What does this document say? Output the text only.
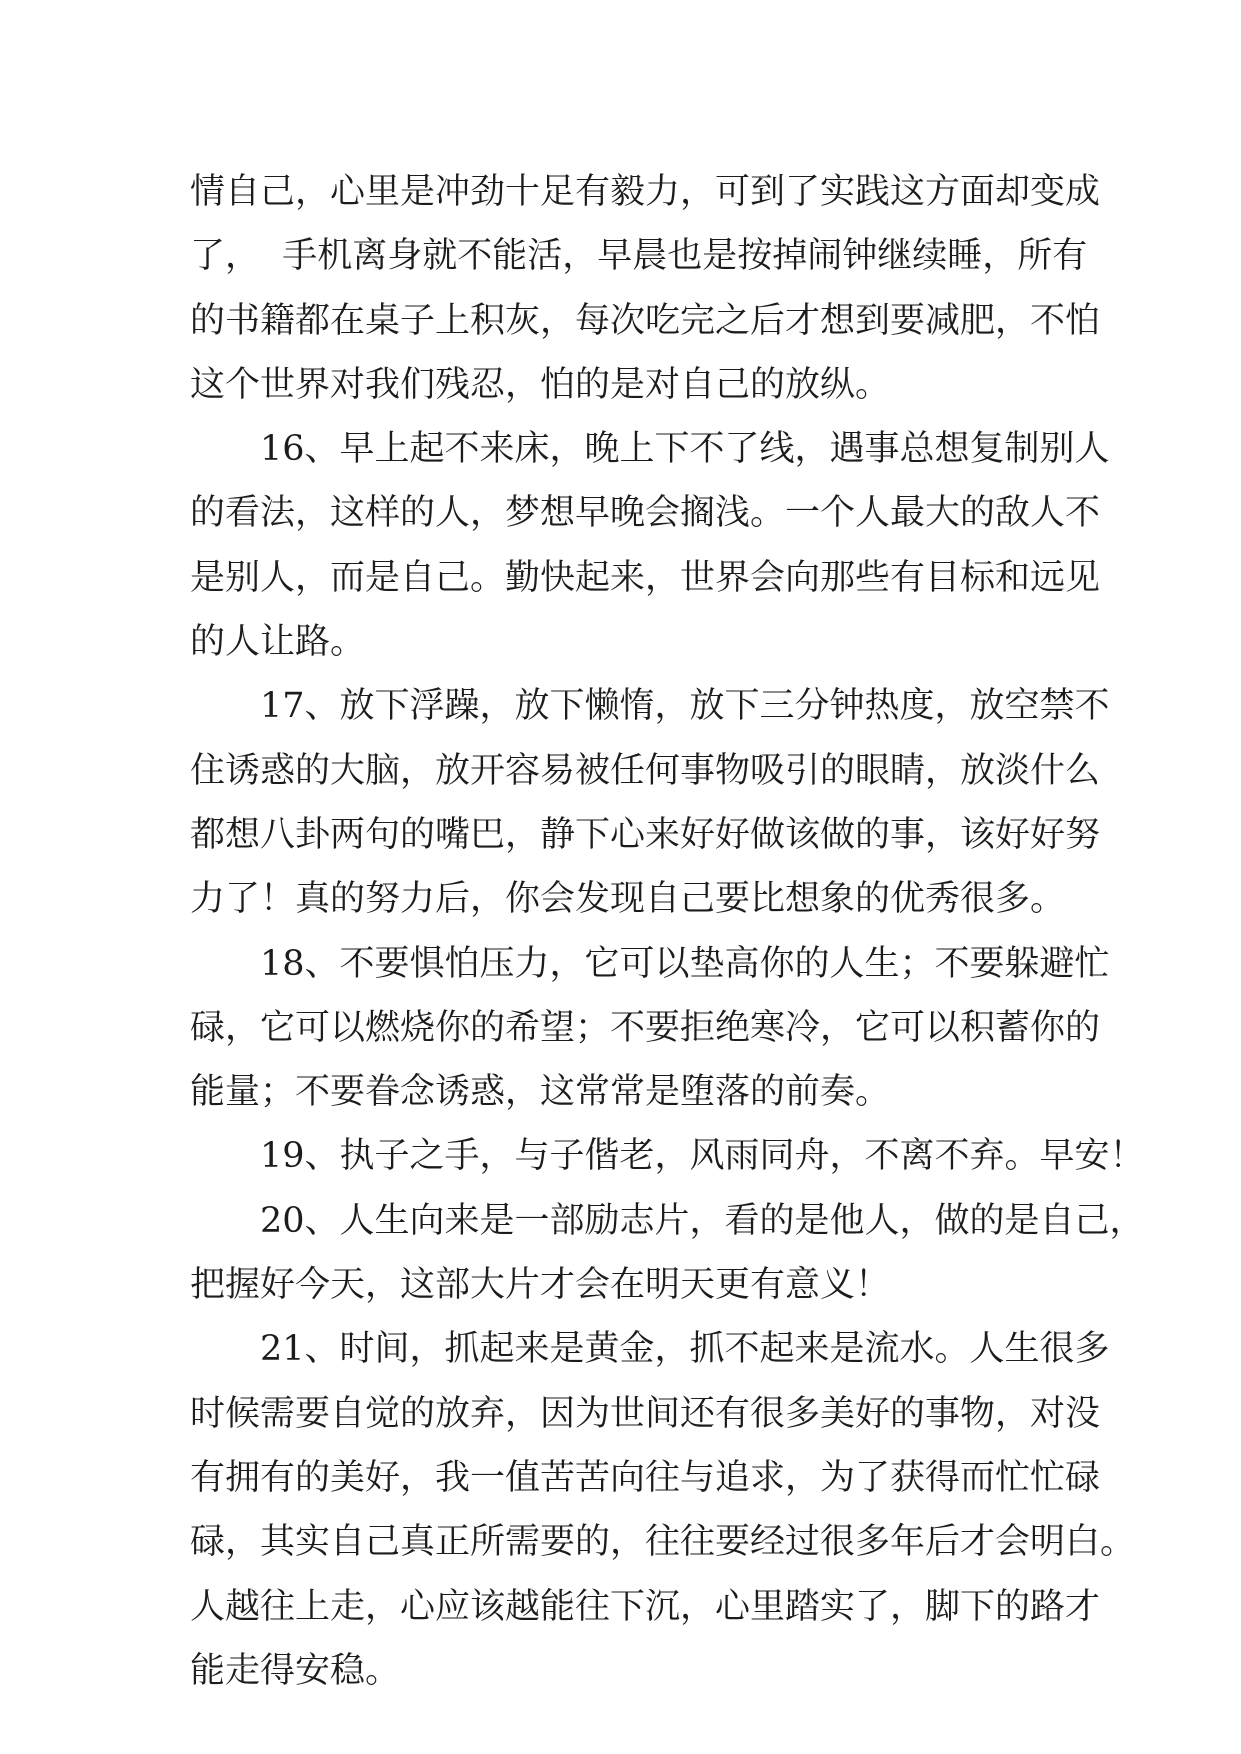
情自己，心里是冲劲十足有毅力，可到了实践这方面却变成
了，  手机离身就不能活，早晨也是按掉闹钟继续睡，所有
的书籍都在桌子上积灰，每次吃完之后才想到要减肥，不怕
这个世界对我们残忍，怕的是对自己的放纵。
16、早上起不来床，晚上下不了线，遇事总想复制别人
的看法，这样的人，梦想早晚会搁浅。一个人最大的敌人不
是别人，而是自己。勤快起来，世界会向那些有目标和远见
的人让路。
17、放下浮躁，放下懒惰，放下三分钟热度，放空禁不
住诱惑的大脑，放开容易被任何事物吸引的眼睛，放淡什么
都想八卦两句的嘴巴，静下心来好好做该做的事，该好好努
力了！真的努力后，你会发现自己要比想象的优秀很多。
18、不要惧怕压力，它可以垫高你的人生；不要躲避忙
碌，它可以燃烧你的希望；不要拒绝寒冷，它可以积蓄你的
能量；不要眷念诱惑，这常常是堕落的前奏。
19、执子之手，与子偕老，风雨同舟，不离不弃。早安！
20、人生向来是一部励志片，看的是他人，做的是自己，
把握好今天，这部大片才会在明天更有意义！
21、时间，抓起来是黄金，抓不起来是流水。人生很多
时候需要自觉的放弃，因为世间还有很多美好的事物，对没
有拥有的美好，我一值苦苦向往与追求，为了获得而忙忙碌
碌，其实自己真正所需要的，往往要经过很多年后才会明白。
人越往上走，心应该越能往下沉，心里踏实了，脚下的路才
能走得安稳。
